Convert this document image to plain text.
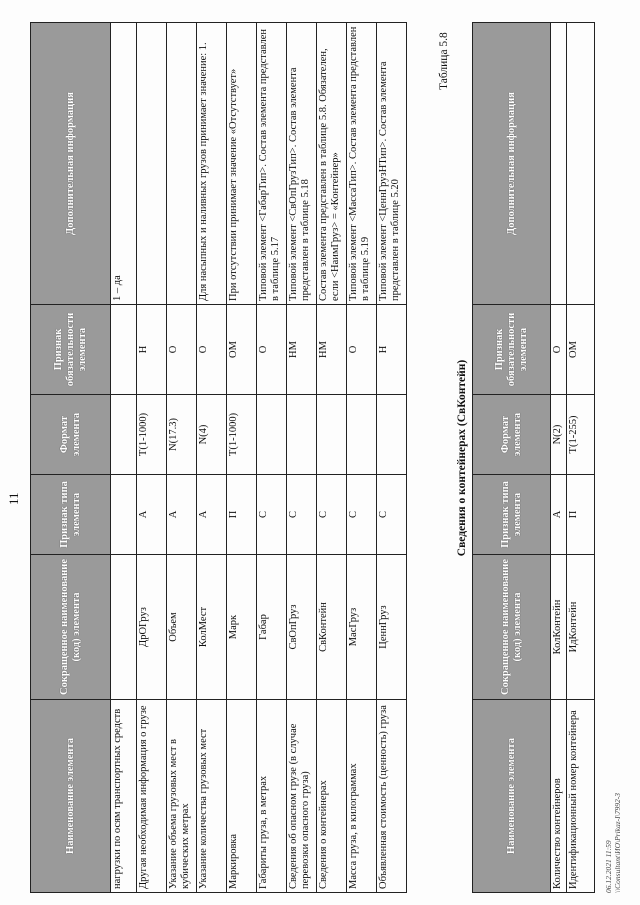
11
Наименование элемента	Сокращенное наименование (код) элемента	Признак типа элемента	Формат элемента	Признак обязательности элемента	Дополнительная информация
нагрузки по осям транспортных средств					1 – да
Другая необходимая информация о грузе	ДрОГруз	А	T(1-1000)	Н	
Указание объема грузовых мест в кубических метрах	Объем	А	N(17.3)	О	
Указание количества грузовых мест	КолМест	А	N(4)	О	Для насыпных и наливных грузов принимает значение: 1.
Маркировка	Марк	П	T(1-1000)	ОМ	При отсутствии принимает значение «Отсутствует»
Габариты груза, в метрах	Габар	С		О	Типовой элемент <ГабарТип>. Состав элемента представлен в таблице 5.17
Сведения об опасном грузе (в случае перевозки опасного груза)	СвОпГруз	С		НМ	Типовой элемент <СвОпГрузТип>. Состав элемента представлен в таблице 5.18
Сведения о контейнерах	СвКонтейн	С		НМ	Состав элемента представлен в таблице 5.8. Обязателен, если <НаимГруз> = «Контейнер»
Масса груза, в килограммах	МасГруз	С		О	Типовой элемент <МассаТип>. Состав элемента представлен в таблице 5.19
Объявленная стоимость (ценность) груза	ЦеннГруз	С		Н	Типовой элемент <ЦеннГрузНТип>. Состав элемента представлен в таблице 5.20
Таблица 5.8
Сведения о контейнерах (СвКонтейн)
Наименование элемента	Сокращенное наименование (код) элемента	Признак типа элемента	Формат элемента	Признак обязательности элемента	Дополнительная информация
Количество контейнеров	КолКонтейн	А	N(2)	О	
Идентификационный номер контейнера	ИдКонтейн	П	T(1-255)	ОМ	
06.12.2021 11:59 \\Consultant\ИО\Prikaz-I\7992-3
